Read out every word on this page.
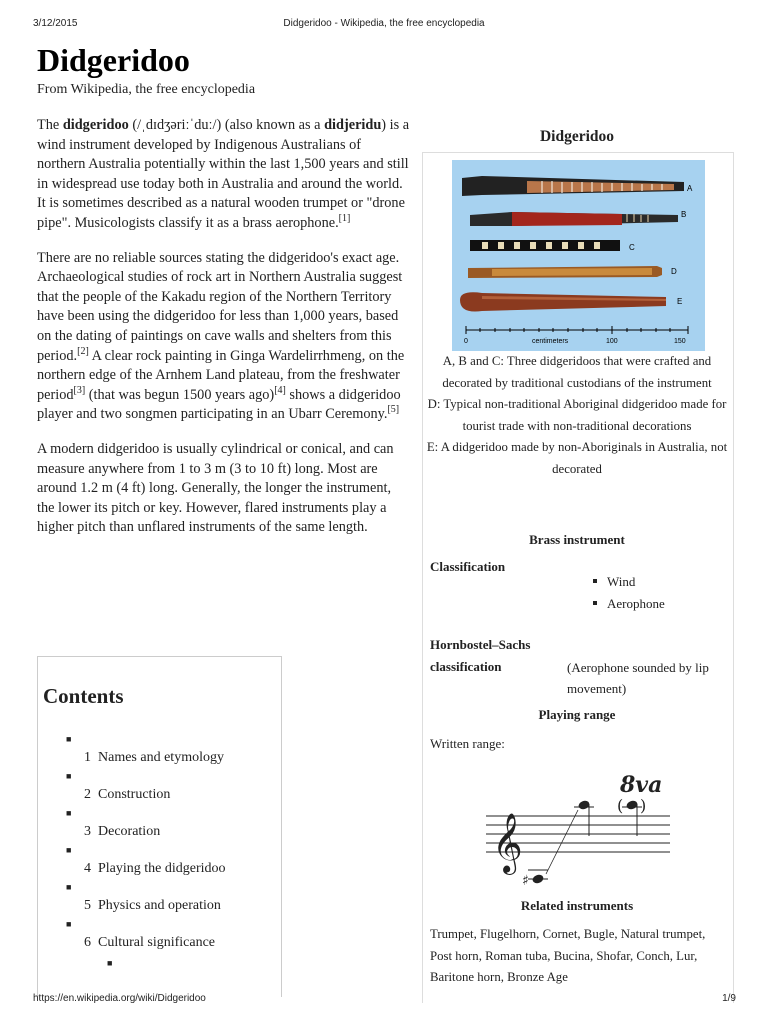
3/12/2015	Didgeridoo - Wikipedia, the free encyclopedia
Didgeridoo
From Wikipedia, the free encyclopedia

The didgeridoo (/ˌdɪdʒəriːˈduː/) (also known as a didjeridu) is a wind instrument developed by Indigenous Australians of northern Australia potentially within the last 1,500 years and still in widespread use today both in Australia and around the world. It is sometimes described as a natural wooden trumpet or "drone pipe". Musicologists classify it as a brass aerophone.[1]

There are no reliable sources stating the didgeridoo's exact age. Archaeological studies of rock art in Northern Australia suggest that the people of the Kakadu region of the Northern Territory have been using the didgeridoo for less than 1,000 years, based on the dating of paintings on cave walls and shelters from this period.[2] A clear rock painting in Ginga Wardelirrhmeng, on the northern edge of the Arnhem Land plateau, from the freshwater period[3] (that was begun 1500 years ago)[4] shows a didgeridoo player and two songmen participating in an Ubarr Ceremony.[5]

A modern didgeridoo is usually cylindrical or conical, and can measure anywhere from 1 to 3 m (3 to 10 ft) long. Most are around 1.2 m (4 ft) long. Generally, the longer the instrument, the lower its pitch or key. However, flared instruments play a higher pitch than unflared instruments of the same length.

Contents
■
1 Names and etymology
■
2 Construction
■
3 Decoration
■
4 Playing the didgeridoo
■
5 Physics and operation
■
6 Cultural significance
■
Didgeridoo
A
B
C
D
E
0	centimeters	100	150
A, B and C: Three didgeridoos that were crafted and decorated by traditional custodians of the instrument
D: Typical non-traditional Aboriginal didgeridoo made for tourist trade with non-traditional decorations
E: A didgeridoo made by non-Aboriginals in Australia, not decorated
Brass instrument
Classification
Wind
Aerophone
Hornbostel–Sachs
classification	(Aerophone sounded by lip movement)
Playing range
Written range:
𝄞
♯
( )
8va
Related instruments
Trumpet, Flugelhorn, Cornet, Bugle, Natural trumpet, Post horn, Roman tuba, Bucina, Shofar, Conch, Lur, Baritone horn, Bronze Age
https://en.wikipedia.org/wiki/Didgeridoo	1/9
